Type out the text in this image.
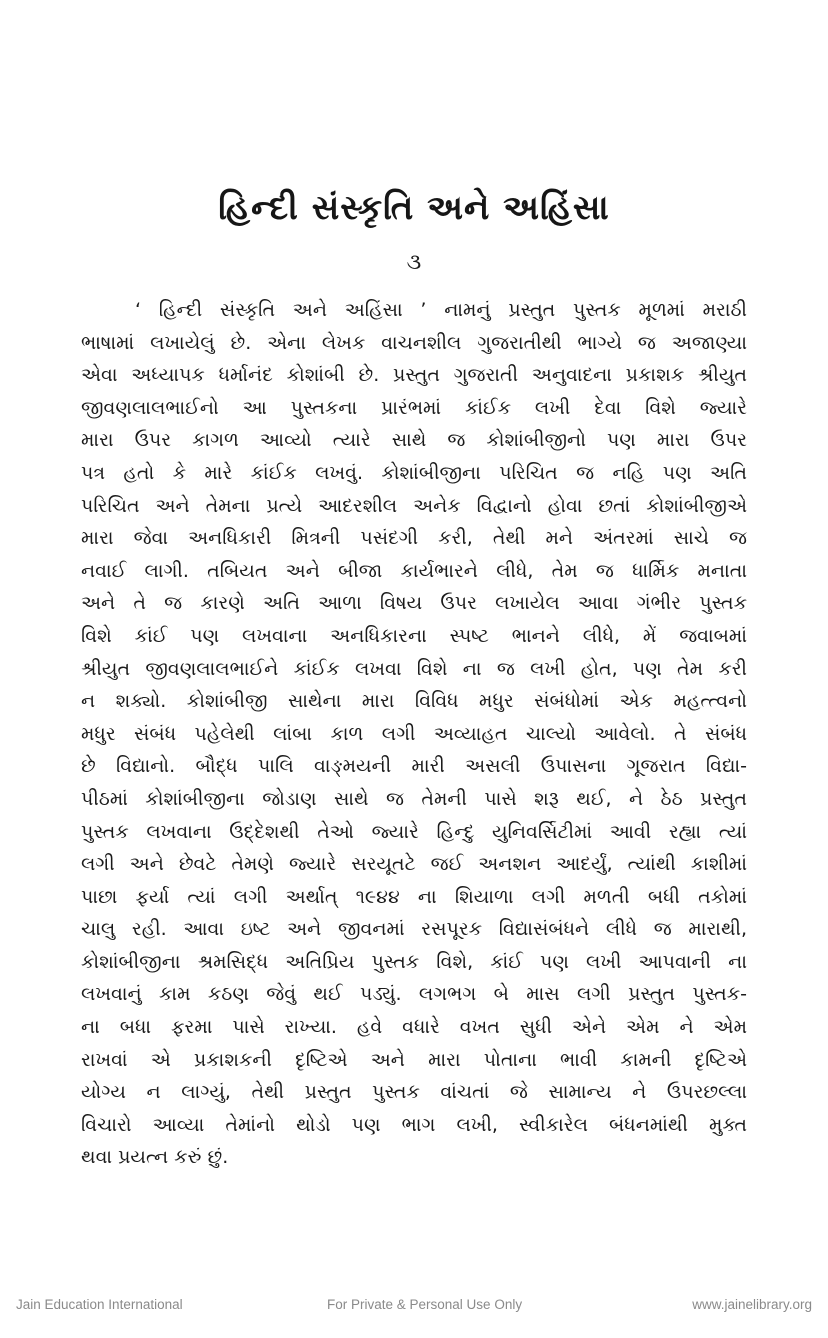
હિન્દી સંસ્કૃતિ અને અહિંસા
૩
‘ હિન્દી સંસ્કૃતિ અને અહિંસા ’ નામનું પ્રસ્તુત પુસ્તક મૂળમાં મરાઠી
ભાષામાં લખાયેલું છે. એના લેખક વાચનશીલ ગુજરાતીથી ભાગ્યે જ અજાણ્યા
એવા અધ્યાપક ધર્માનંદ કોશાંબી છે. પ્રસ્તુત ગુજરાતી અનુવાદના પ્રકાશક શ્રીયુત
જીવણલાલભાઈનો આ પુસ્તકના પ્રારંભમાં કાંઈક લખી દેવા વિશે જ્યારે
મારા ઉપર કાગળ આવ્યો ત્યારે સાથે જ કોશાંબીજીનો પણ મારા ઉપર
પત્ર હતો કે મારે કાંઈક લખવું. કોશાંબીજીના પરિચિત જ નહિ પણ અતિ
પરિચિત અને તેમના પ્રત્યે આદરશીલ અનેક વિદ્વાનો હોવા છતાં કોશાંબીજીએ
મારા જેવા અનધિકારી મિત્રની પસંદગી કરી, તેથી મને અંતરમાં સાચે જ
નવાઈ લાગી. તબિયત અને બીજા કાર્યભારને લીધે, તેમ જ ધાર્મિક મનાતા
અને તે જ કારણે અતિ આળા વિષય ઉપર લખાયેલ આવા ગંભીર પુસ્તક
વિશે કાંઈ પણ લખવાના અનધિકારના સ્પષ્ટ ભાનને લીધે, મેં જવાબમાં
શ્રીયુત જીવણલાલભાઈને કાંઈક લખવા વિશે ના જ લખી હોત, પણ તેમ કરી
ન શક્યો. કોશાંબીજી સાથેના મારા વિવિધ મધુર સંબંધોમાં એક મહત્ત્વનો
મધુર સંબંધ પહેલેથી લાંબા કાળ લગી અવ્યાહત ચાલ્યો આવેલો. તે સંબંધ
છે વિદ્યાનો. બૌદ્ધ પાલિ વાઙ્મયની મારી અસલી ઉપાસના ગૂજરાત વિદ્યા-
પીઠમાં કોશાંબીજીના જોડાણ સાથે જ તેમની પાસે શરૂ થઈ, ને ઠેઠ પ્રસ્તુત
પુસ્તક લખવાના ઉદ્દેશથી તેઓ જ્યારે હિન્દુ યુનિવર્સિટીમાં આવી રહ્યા ત્યાં
લગી અને છેવટે તેમણે જ્યારે સરયૂતટે જઈ અનશન આદર્યું, ત્યાંથી કાશીમાં
પાછા ફર્યા ત્યાં લગી અર્થાત્ ૧૯૪૪ ના શિયાળા લગી મળતી બધી તકોમાં
ચાલુ રહી. આવા ઇષ્ટ અને જીવનમાં રસપૂરક વિદ્યાસંબંધને લીધે જ મારાથી,
કોશાંબીજીના શ્રમસિદ્ધ અતિપ્રિય પુસ્તક વિશે, કાંઈ પણ લખી આપવાની ના
લખવાનું કામ કઠણ જેવું થઈ પડ્યું. લગભગ બે માસ લગી પ્રસ્તુત પુસ્તક-
ના બધા ફરમા પાસે રાખ્યા. હવે વધારે વખત સુધી એને એમ ને એમ
રાખવાં એ પ્રકાશકની દૃષ્ટિએ અને મારા પોતાના ભાવી કામની દૃષ્ટિએ
યોગ્ય ન લાગ્યું, તેથી પ્રસ્તુત પુસ્તક વાંચતાં જે સામાન્ય ને ઉપરછલ્લા
વિચારો આવ્યા તેમાંનો થોડો પણ ભાગ લખી, સ્વીકારેલ બંધનમાંથી મુક્ત
થવા પ્રયત્ન કરું છું.
Jain Education International	For Private & Personal Use Only	www.jainelibrary.org
